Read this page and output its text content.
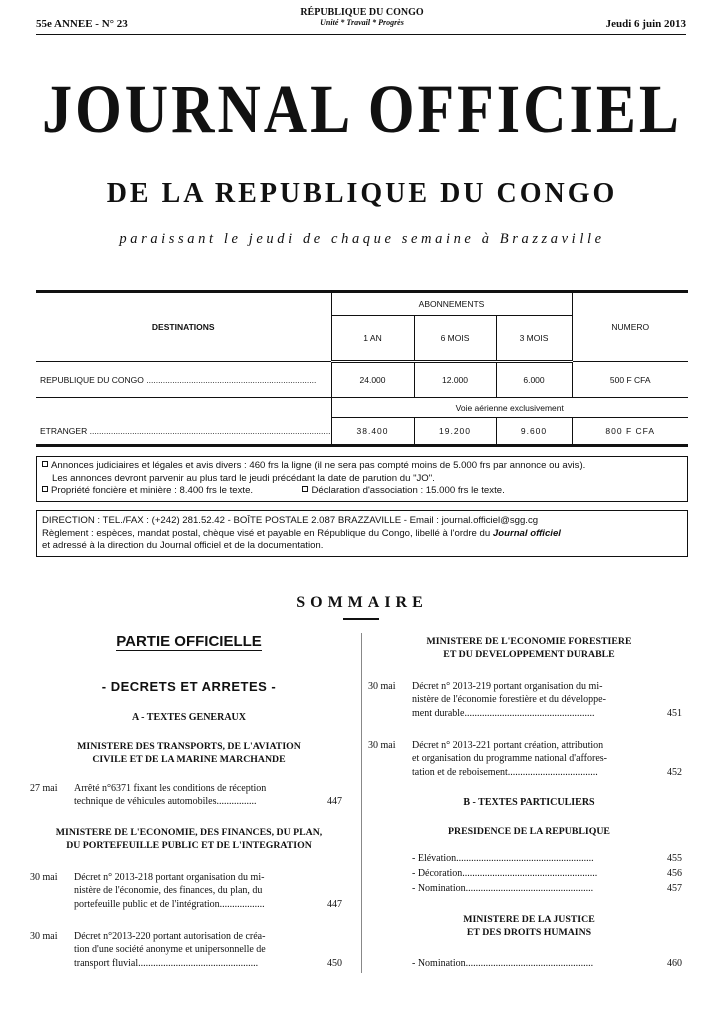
55e ANNEE - N° 23
RÉPUBLIQUE DU CONGO
Unité * Travail * Progrès	Jeudi 6 juin 2013
JOURNAL OFFICIEL
DE LA REPUBLIQUE DU CONGO
paraissant le jeudi de chaque semaine à Brazzaville
DESTINATIONS	ABONNEMENTS			NUMERO
	1 AN	6 MOIS	3 MOIS	
REPUBLIQUE DU CONGO ........................................................................	24.000	12.000	6.000	500 F CFA
	Voie aérienne exclusivement			
ETRANGER ......................................................................................................	38.400	19.200	9.600	800 F CFA
Annonces judiciaires et légales et avis divers : 460 frs la ligne (il ne sera pas compté moins de 5.000 frs par annonce ou avis).
Les annonces devront parvenir au plus tard le jeudi précédant la date de parution du "JO".
Propriété foncière et minière : 8.400 frs le texte.	Déclaration d'association : 15.000 frs le texte.
DIRECTION : TEL./FAX : (+242) 281.52.42 - BOÎTE POSTALE 2.087 BRAZZAVILLE - Email : journal.officiel@sgg.cg
Règlement : espèces, mandat postal, chèque visé et payable en République du Congo, libellé à l'ordre du Journal officiel
et adressé à la direction du Journal officiel et de la documentation.
SOMMAIRE
PARTIE OFFICIELLE
- DECRETS ET ARRETES -
A - TEXTES GENERAUX
MINISTERE DES TRANSPORTS, DE L'AVIATION
CIVILE ET DE LA MARINE MARCHANDE
27 mai Arrêté n°6371 fixant les conditions de réception
technique de véhicules automobiles................	447
MINISTERE DE L'ECONOMIE, DES FINANCES, DU PLAN,
DU PORTEFEUILLE PUBLIC ET DE L'INTEGRATION
30 mai Décret n° 2013-218 portant organisation du mi-
nistère de l'économie, des finances, du plan, du
portefeuille public et de l'intégration..................	447
30 mai Décret n°2013-220 portant autorisation de créa-
tion d'une société anonyme et unipersonnelle de
transport fluvial................................................	450
MINISTERE DE L'ECONOMIE FORESTIERE
ET DU DEVELOPPEMENT DURABLE
30 mai Décret n° 2013-219 portant organisation du mi-
nistère de l'économie forestière et du développe-
ment durable....................................................	451
30 mai Décret n° 2013-221 portant création, attribution
et organisation du programme national d'affores-
tation et de reboisement....................................	452
B - TEXTES PARTICULIERS
PRESIDENCE DE LA REPUBLIQUE
- Elévation.......................................................	455
- Décoration......................................................	456
- Nomination...................................................	457
MINISTERE DE LA JUSTICE
ET DES DROITS HUMAINS
- Nomination...................................................	460
